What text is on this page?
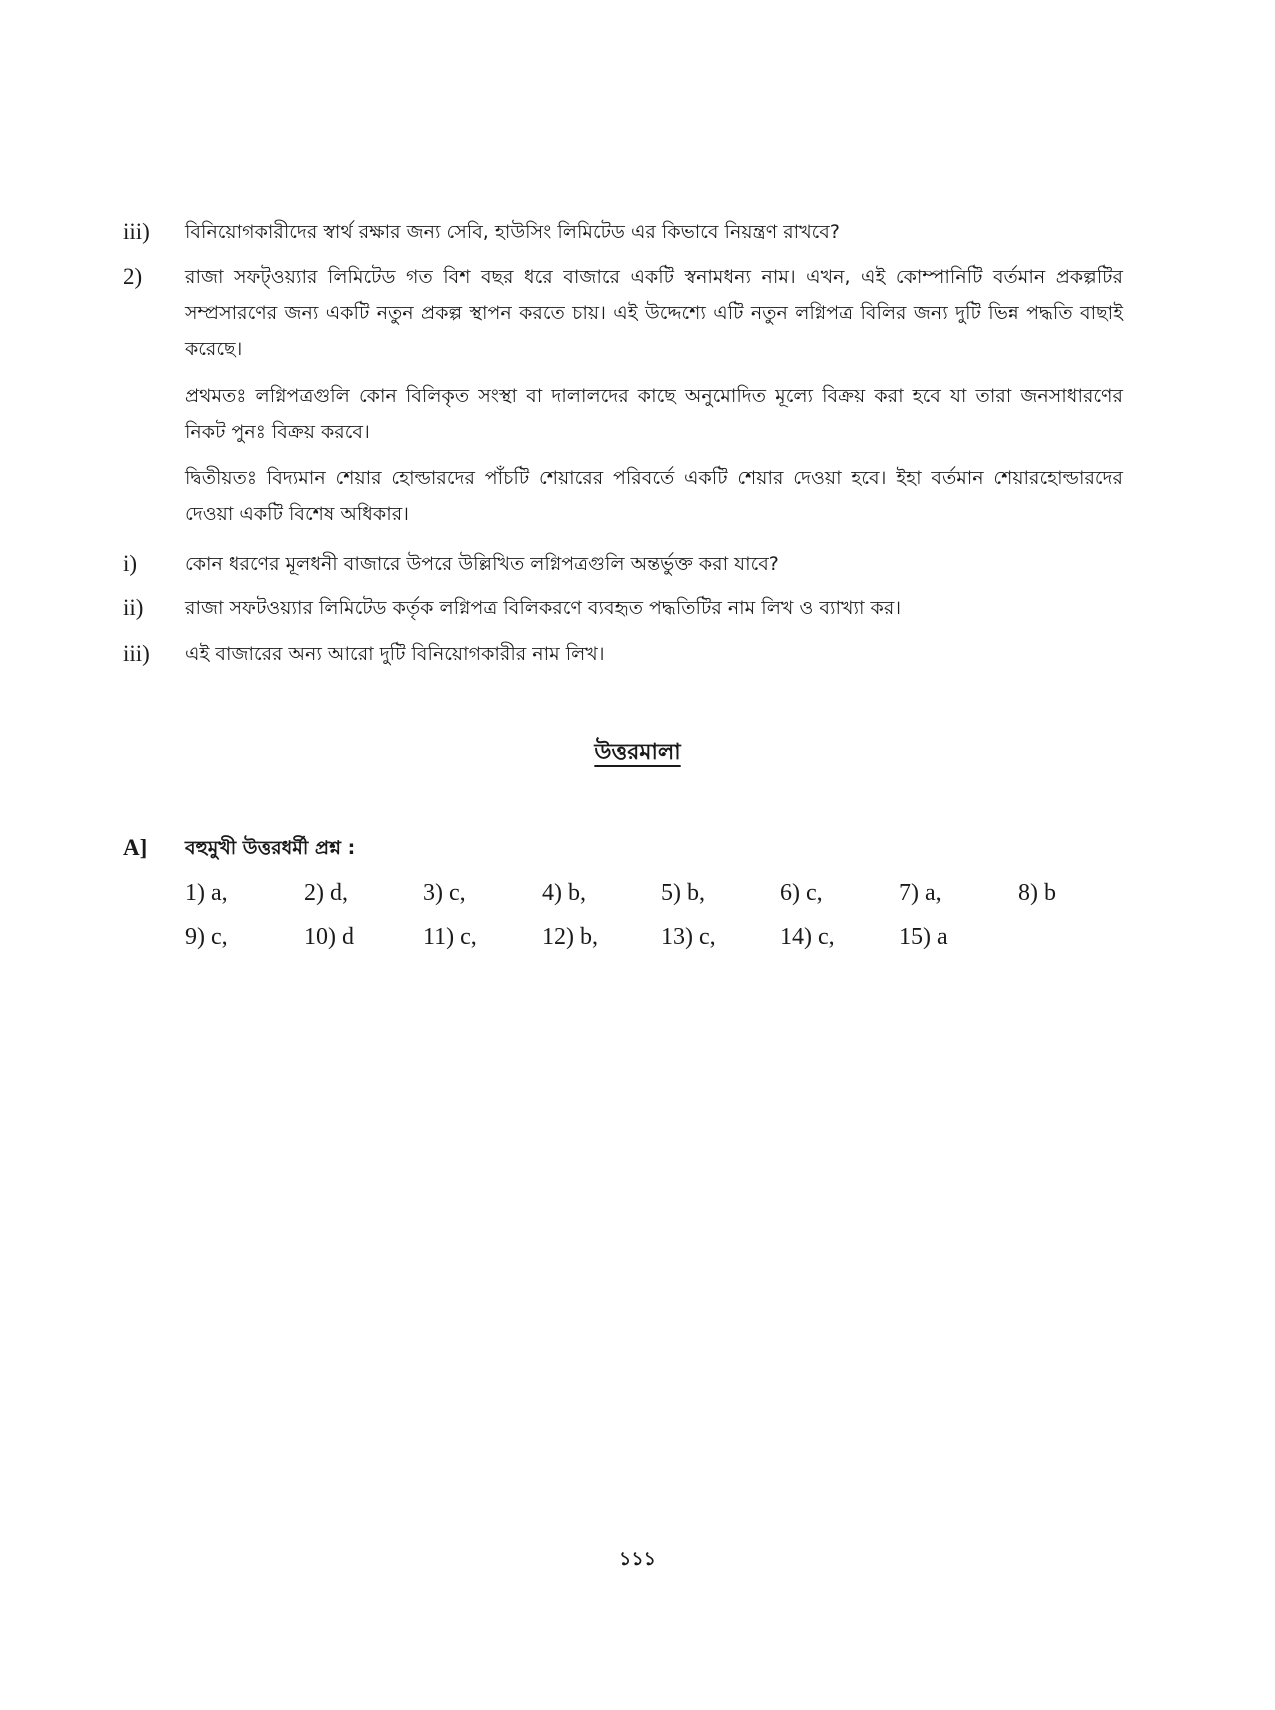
iii)	বিনিয়োগকারীদের স্বার্থ রক্ষার জন্য সেবি, হাউসিং লিমিটেড এর কিভাবে নিয়ন্ত্রণ রাখবে?
2)	রাজা সফট্ওয়্যার লিমিটেড গত বিশ বছর ধরে বাজারে একটি স্বনামধন্য নাম। এখন, এই কোম্পানিটি বর্তমান প্রকল্পটির সম্প্রসারণের জন্য একটি নতুন প্রকল্প স্থাপন করতে চায়। এই উদ্দেশ্যে এটি নতুন লগ্নিপত্র বিলির জন্য দুটি ভিন্ন পদ্ধতি বাছাই করেছে।
প্রথমতঃ লগ্নিপত্রগুলি কোন বিলিকৃত সংস্থা বা দালালদের কাছে অনুমোদিত মূল্যে বিক্রয় করা হবে যা তারা জনসাধারণের নিকট পুনঃ বিক্রয় করবে।
দ্বিতীয়তঃ বিদ্যমান শেয়ার হোল্ডারদের পাঁচটি শেয়ারের পরিবর্তে একটি শেয়ার দেওয়া হবে। ইহা বর্তমান শেয়ারহোল্ডারদের দেওয়া একটি বিশেষ অধিকার।
i)	কোন ধরণের মূলধনী বাজারে উপরে উল্লিখিত লগ্নিপত্রগুলি অন্তর্ভুক্ত করা যাবে?
ii)	রাজা সফটওয়্যার লিমিটেড কর্তৃক লগ্নিপত্র বিলিকরণে ব্যবহৃত পদ্ধতিটির নাম লিখ ও ব্যাখ্যা কর।
iii)	এই বাজারের অন্য আরো দুটি বিনিয়োগকারীর নাম লিখ।
উত্তরমালা
A]	বহুমুখী উত্তরধর্মী প্রশ্ন :
1) a,	2) d,	3) c,	4) b,	5) b,	6) c,	7) a,	8) b
9) c,	10) d	11) c,	12) b,	13) c,	14) c,	15) a
১১১
